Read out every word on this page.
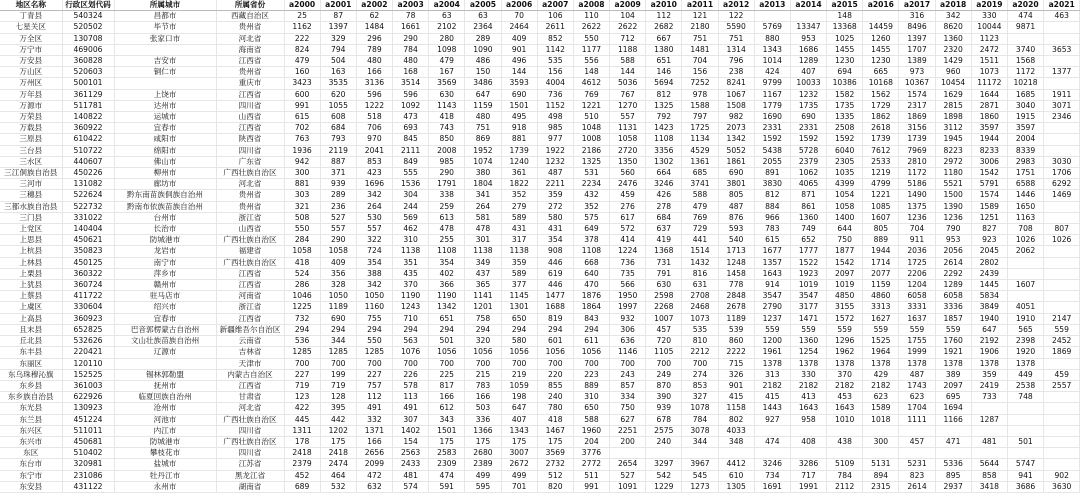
地区名称	行政区划代码	所属城市	所属省份	a2000	a2001	a2002	a2003	a2004	a2005	a2006	a2007	a2008	a2009	a2010	a2011	a2012	a2013	a2014	a2015	a2016	a2017	a2018	a2019	a2020	a2021
丁青县	540324	昌都市	西藏自治区	25	87	62	78	63	63	70	106	110	104	112	121	122			148		316	342	330	474	463
七星关区	520502	毕节市	贵州省	1162	1397	1484	1661	2102	2364	2464	2611	2622	2622	2682	2180	5590	5769	13347	13368	14459	8496	8620	10044	9871	
万全区	130708	张家口市	河北省	222	329	296	290	280	289	409	852	550	712	667	751	751	880	953	1025	1260	1397	1360	1123		
万宁市	469006		海南省	824	794	789	784	1098	1090	901	1142	1177	1188	1380	1481	1314	1343	1686	1455	1455	1707	2320	2472	3740	3653
万安县	360828	吉安市	江西省	479	504	480	480	479	486	496	535	556	588	651	704	796	1014	1289	1230	1230	1389	1429	1511	1568	
万山区	520603	铜仁市	贵州省	160	163	166	168	167	150	144	156	148	144	146	156	238	424	407	694	665	973	960	1073	1172	1377
万州区	500101		重庆市	3423	3535	3136	3514	3569	3486	3593	4004	4612	5036	5694	7252	8241	9799	10033	10386	10168	10367	10454	11172	10218	
万年县	361129	上饶市	江西省	600	620	596	596	630	647	690	736	769	767	812	978	1067	1167	1232	1582	1562	1574	1629	1644	1685	1911
万源市	511781	达州市	四川省	991	1055	1222	1092	1143	1159	1501	1152	1221	1270	1325	1588	1508	1779	1735	1735	1729	2317	2815	2871	3040	3071
万荣县	140822	运城市	山西省	615	608	518	473	418	480	495	498	510	557	792	797	982	1690	690	1335	1862	1869	1898	1860	1915	2346
万载县	360922	宜春市	江西省	702	684	706	693	743	751	918	985	1048	1131	1423	1725	2073	2331	2331	2508	2618	3156	3112	3597	3597	
三原县	610422	咸阳市	陕西省	763	793	970	845	850	869	881	977	1008	1058	1108	1134	1342	1592	1592	1592	1739	1739	1945	1944	2004	
三台县	510722	绵阳市	四川省	1936	2119	2041	2111	2008	1952	1739	1922	2186	2720	3356	4529	5052	5438	5728	6040	7612	7969	8223	8233	8339	
三水区	440607	佛山市	广东省	942	887	853	849	985	1074	1240	1232	1325	1350	1302	1361	1861	2055	2379	2305	2533	2810	2972	3006	2983	3030
三江侗族自治县	450226	柳州市	广西壮族自治区	300	371	423	555	290	380	361	487	531	560	664	685	690	891	1062	1035	1219	1172	1180	1542	1751	1706
三河市	131082	廊坊市	河北省	881	939	1696	1536	1791	1804	1822	2211	2234	2476	3246	3741	3801	3830	4065	4399	4799	5186	5521	5791	6588	6292
三穗县	522624	黔东南苗族侗族自治州	贵州省	303	289	342	304	338	341	352	359	432	459	426	588	805	812	871	1054	1221	1490	1500	1574	1446	1469
三都水族自治县	522732	黔南布依族苗族自治州	贵州省	321	236	264	244	259	264	279	272	352	276	278	479	487	884	861	1058	1085	1375	1390	1589	1650	
三门县	331022	台州市	浙江省	508	527	530	569	613	581	589	580	575	617	684	769	876	966	1360	1400	1607	1236	1236	1251	1163	
上党区	140404	长治市	山西省	550	557	557	462	478	478	431	431	649	572	637	729	593	783	749	644	805	704	790	827	708	807
上思县	450621	防城港市	广西壮族自治区	284	290	322	310	255	301	317	354	378	414	419	441	540	615	652	750	889	911	953	923	1026	1026
上杭县	350823	龙岩市	福建省	1058	1058	724	1138	1108	1138	1138	908	1108	1224	1368	1514	1713	1677	1777	1877	1944	2036	2056	2045	2062	
上林县	450125	南宁市	广西壮族自治区	418	409	354	351	354	349	359	446	668	736	731	1432	1248	1357	1522	1542	1714	1725	2614	2802		
上栗县	360322	萍乡市	江西省	524	356	388	435	402	437	589	619	640	735	791	816	1458	1643	1923	2097	2077	2206	2292	2439		
上犹县	360724	赣州市	江西省	286	328	342	370	366	365	377	446	470	566	630	631	778	914	1019	1019	1159	1204	1289	1445	1607	
上蔡县	411722	驻马店市	河南省	1046	1050	1050	1190	1190	1141	1145	1477	1876	1950	2598	2708	2848	3547	3547	4850	4860	6058	6058	5834		
上虞区	330604	绍兴市	浙江省	1225	1189	1160	1243	1342	1201	1301	1688	1864	1997	2268	2468	2678	2790	3177	3155	3313	3331	3336	3849	4051	
上高县	360923	宜春市	江西省	732	690	755	710	651	758	650	819	843	932	1007	1073	1189	1237	1471	1572	1627	1637	1857	1940	1910	2147
且末县	652825	巴音郭楞蒙古自治州	新疆维吾尔自治区	294	294	294	294	294	294	294	294	294	306	457	535	539	559	559	559	559	559	559	647	565	559
丘北县	532626	文山壮族苗族自治州	云南省	536	344	550	563	501	320	580	601	611	636	720	810	860	1200	1360	1296	1525	1755	1760	2192	2398	2452
东丰县	220421	辽源市	吉林省	1285	1285	1285	1076	1056	1056	1056	1056	1056	1146	1105	2212	2222	1961	1254	1962	1964	1999	1921	1906	1920	1869
东丽区	120110		天津市	700	700	700	700	700	700	700	700	700	700	700	700	715	1378	1378	1378	1378	1378	1378	1378	1378	
东乌珠穆沁旗	152525	锡林郭勒盟	内蒙古自治区	227	199	227	226	225	215	219	220	223	243	249	274	326	313	330	370	429	487	389	359	449	459
东乡县	361003	抚州市	江西省	719	719	757	578	817	783	1059	855	889	857	870	853	901	2182	2182	2182	2182	1743	2097	2419	2538	2557
东乡族自治县	622926	临夏回族自治州	甘肃省	123	128	112	113	166	166	198	240	310	334	390	327	415	415	413	453	623	623	695	733	748	
东光县	130923	沧州市	河北省	422	395	491	491	612	503	647	780	650	750	939	1078	1158	1443	1643	1643	1589	1704	1694			
东兰县	451224	河池市	广西壮族自治区	445	442	332	307	343	336	407	418	588	627	678	784	802	927	958	1010	1018	1111	1166	1287		
东兴区	511011	内江市	四川省	1311	1202	1371	1402	1501	1366	1343	1467	1960	2251	2575	3078	4033									
东兴市	450681	防城港市	广西壮族自治区	178	175	166	154	175	175	175	175	204	200	240	344	348	474	408	438	300	457	471	481	501	
东区	510402	攀枝花市	四川省	2418	2418	2656	2563	2583	2680	3007	3569	3776													
东台市	320981	盐城市	江苏省	2379	2474	2099	2433	2309	2389	2672	2732	2772	2654	3297	3967	4412	3246	3286	5109	5131	5231	5336	5644	5747	
东宁市	231086	牡丹江市	黑龙江省	452	464	472	481	474	499	499	512	511	527	542	545	610	734	717	784	894	823	895	858	941	902
东安县	431122	永州市	湖南省	689	532	632	574	591	595	701	820	991	1091	1229	1273	1305	1691	1991	2112	2315	2614	2937	3418	3686	3630
